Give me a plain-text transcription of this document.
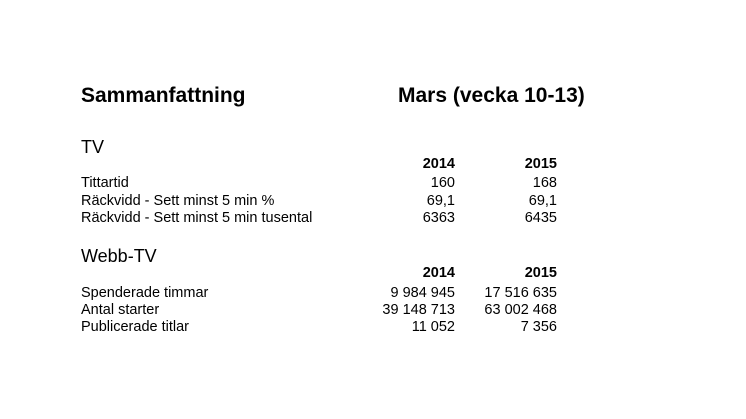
Sammanfattning	Mars (vecka 10-13)
TV
2014	2015
Tittartid	160	168
Räckvidd - Sett minst 5 min %	69,1	69,1
Räckvidd - Sett minst 5 min tusental	6363	6435
Webb-TV
2014	2015
Spenderade timmar	9 984 945	17 516 635
Antal starter	39 148 713	63 002 468
Publicerade titlar	11 052	7 356
